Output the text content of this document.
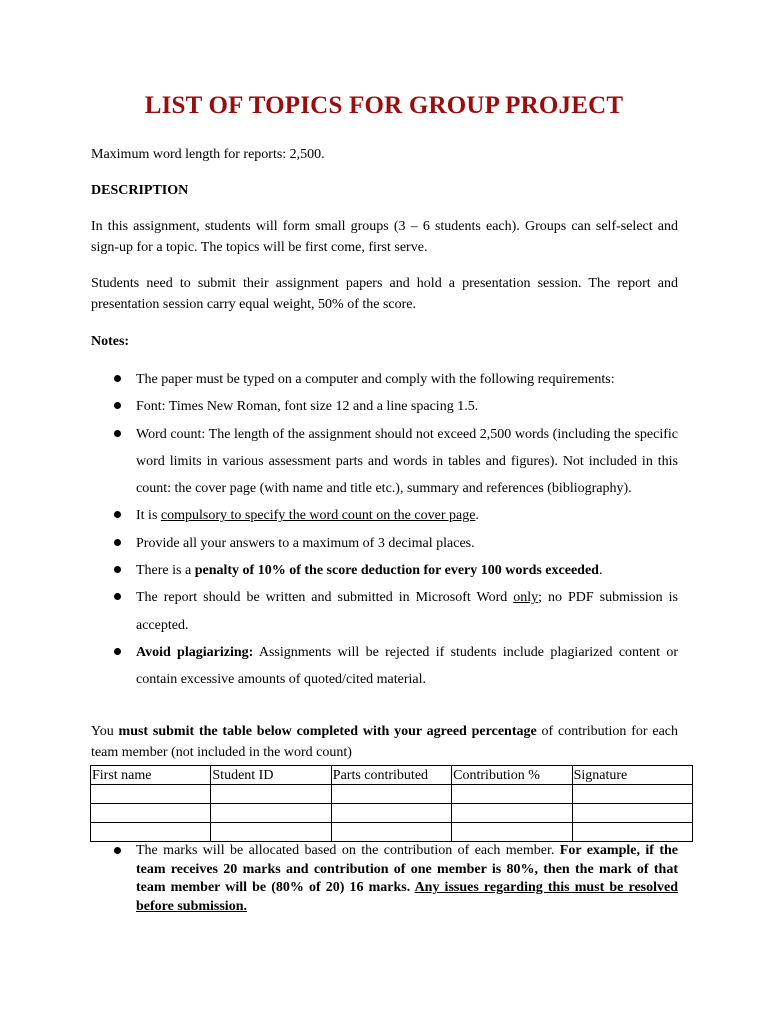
LIST OF TOPICS FOR GROUP PROJECT
Maximum word length for reports: 2,500.
DESCRIPTION
In this assignment, students will form small groups (3 – 6 students each). Groups can self-select and sign-up for a topic. The topics will be first come, first serve.
Students need to submit their assignment papers and hold a presentation session. The report and presentation session carry equal weight, 50% of the score.
Notes:
The paper must be typed on a computer and comply with the following requirements:
Font: Times New Roman, font size 12 and a line spacing 1.5.
Word count: The length of the assignment should not exceed 2,500 words (including the specific word limits in various assessment parts and words in tables and figures). Not included in this count: the cover page (with name and title etc.), summary and references (bibliography).
It is compulsory to specify the word count on the cover page.
Provide all your answers to a maximum of 3 decimal places.
There is a penalty of 10% of the score deduction for every 100 words exceeded.
The report should be written and submitted in Microsoft Word only; no PDF submission is accepted.
Avoid plagiarizing: Assignments will be rejected if students include plagiarized content or contain excessive amounts of quoted/cited material.
You must submit the table below completed with your agreed percentage of contribution for each team member (not included in the word count)
First name	Student ID	Parts contributed	Contribution %	Signature

The marks will be allocated based on the contribution of each member. For example, if the team receives 20 marks and contribution of one member is 80%, then the mark of that team member will be (80% of 20) 16 marks. Any issues regarding this must be resolved before submission.
